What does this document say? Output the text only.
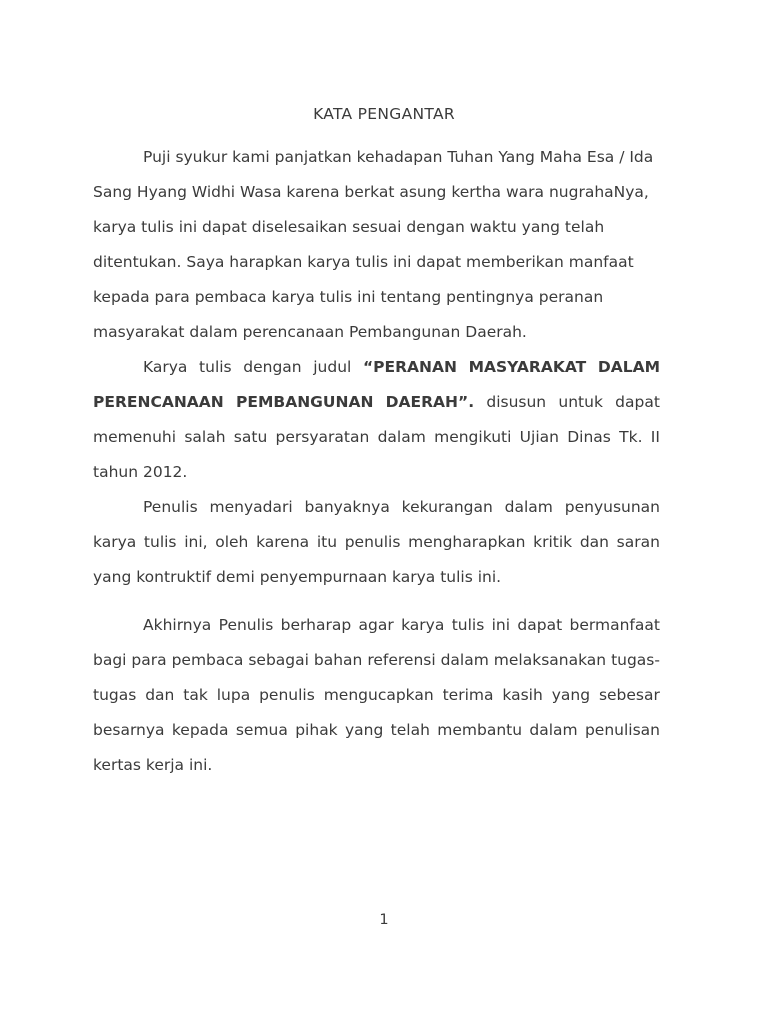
KATA PENGANTAR
Puji syukur kami panjatkan kehadapan Tuhan Yang Maha Esa / Ida
Sang Hyang Widhi Wasa karena berkat asung kertha wara nugrahaNya,
karya tulis ini dapat diselesaikan sesuai dengan waktu yang telah
ditentukan. Saya harapkan karya tulis ini dapat memberikan manfaat
kepada para pembaca karya tulis ini tentang pentingnya peranan
masyarakat dalam perencanaan Pembangunan Daerah.
Karya tulis dengan judul “PERANAN MASYARAKAT DALAM
PERENCANAAN PEMBANGUNAN DAERAH”. disusun untuk dapat
memenuhi salah satu persyaratan dalam mengikuti Ujian Dinas Tk. II
tahun 2012.
Penulis menyadari banyaknya kekurangan dalam penyusunan
karya tulis ini, oleh karena itu penulis mengharapkan kritik dan saran
yang kontruktif demi penyempurnaan karya tulis ini.
Akhirnya Penulis berharap agar karya tulis ini dapat bermanfaat
bagi para pembaca sebagai bahan referensi dalam melaksanakan tugas-
tugas dan tak lupa penulis mengucapkan terima kasih yang sebesar
besarnya kepada semua pihak yang telah membantu dalam penulisan
kertas kerja ini.
1
